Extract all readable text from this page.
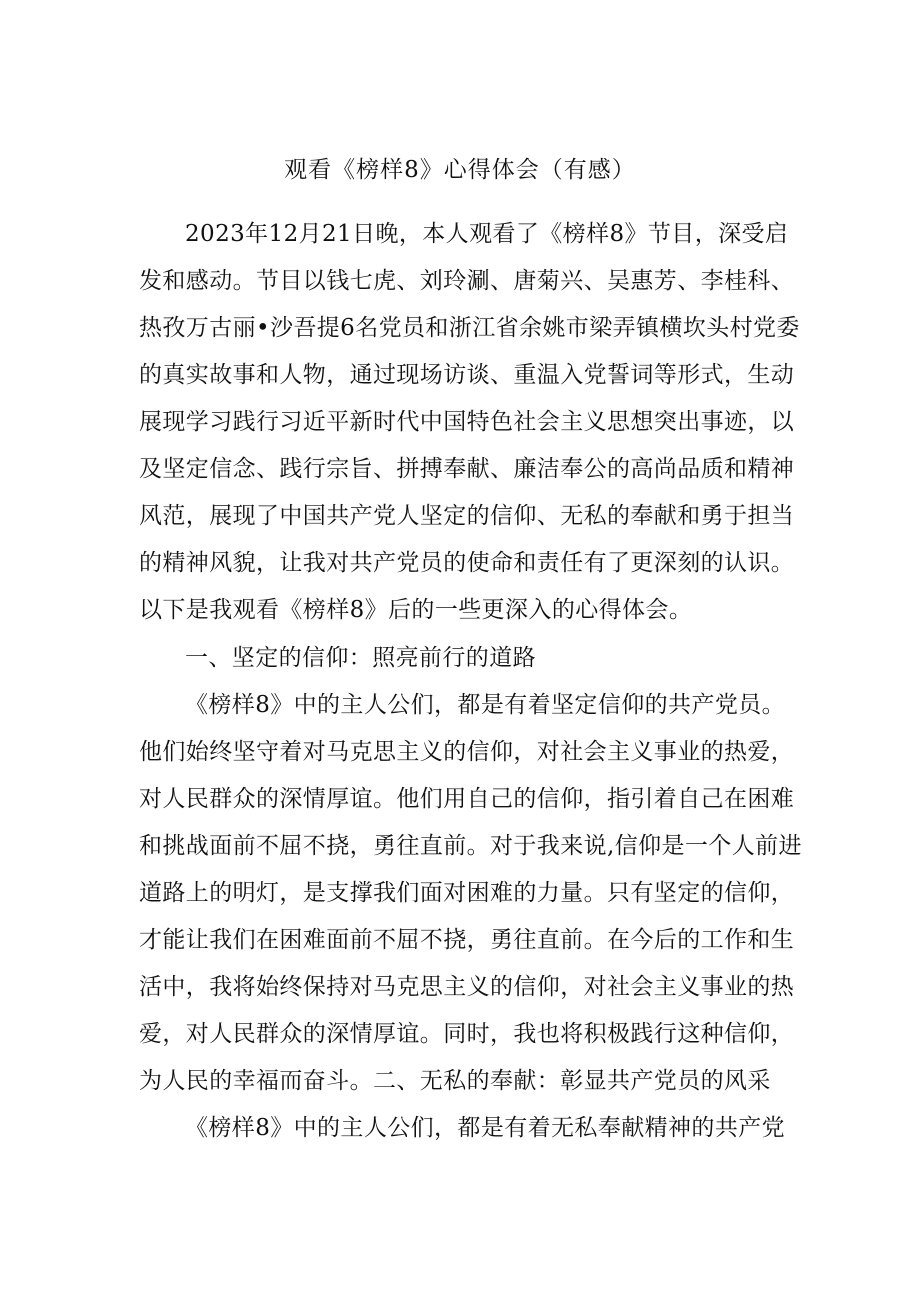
观看《榜样8》心得体会（有感）
2023年12月21日晚，本人观看了《榜样8》节目，深受启
发和感动。节目以钱七虎、刘玲涮、唐菊兴、吴惠芳、李桂科、
热孜万古丽•沙吾提6名党员和浙江省余姚市梁弄镇横坎头村党委
的真实故事和人物，通过现场访谈、重温入党誓词等形式，生动
展现学习践行习近平新时代中国特色社会主义思想突出事迹，以
及坚定信念、践行宗旨、拼搏奉献、廉洁奉公的高尚品质和精神
风范，展现了中国共产党人坚定的信仰、无私的奉献和勇于担当
的精神风貌，让我对共产党员的使命和责任有了更深刻的认识。
以下是我观看《榜样8》后的一些更深入的心得体会。
一、坚定的信仰：照亮前行的道路
《榜样8》中的主人公们，都是有着坚定信仰的共产党员。
他们始终坚守着对马克思主义的信仰，对社会主义事业的热爱，
对人民群众的深情厚谊。他们用自己的信仰，指引着自己在困难
和挑战面前不屈不挠，勇往直前。对于我来说,信仰是一个人前进
道路上的明灯，是支撑我们面对困难的力量。只有坚定的信仰，
才能让我们在困难面前不屈不挠，勇往直前。在今后的工作和生
活中，我将始终保持对马克思主义的信仰，对社会主义事业的热
爱，对人民群众的深情厚谊。同时，我也将积极践行这种信仰，
为人民的幸福而奋斗。二、无私的奉献：彰显共产党员的风采
《榜样8》中的主人公们，都是有着无私奉献精神的共产党
